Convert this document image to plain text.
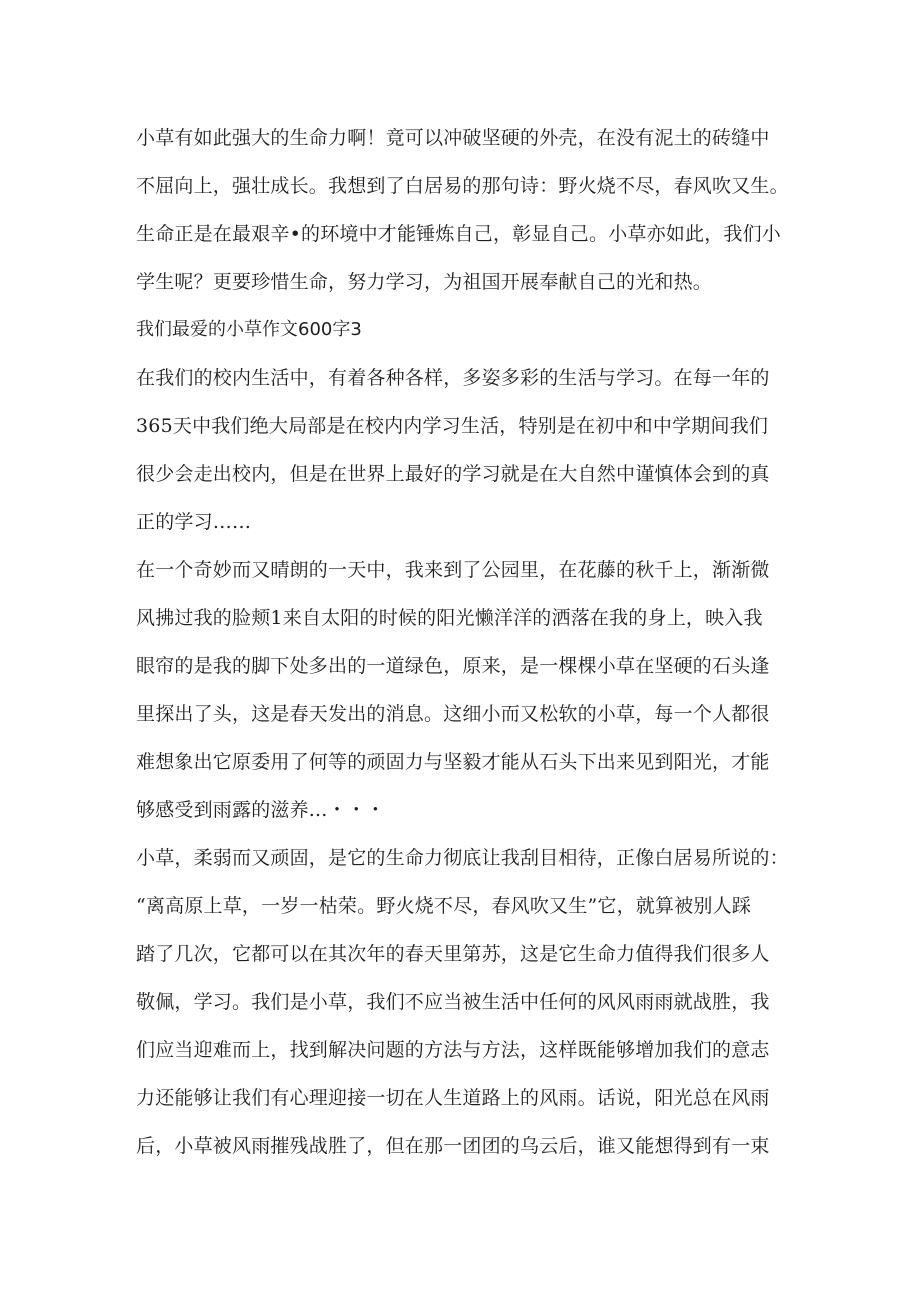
小草有如此强大的生命力啊！竟可以冲破坚硬的外壳，在没有泥土的砖缝中
不屈向上，强壮成长。我想到了白居易的那句诗：野火烧不尽，春风吹又生。
生命正是在最艰辛•的环境中才能锤炼自己，彰显自己。小草亦如此，我们小
学生呢？更要珍惜生命，努力学习，为祖国开展奉献自己的光和热。
我们最爱的小草作文600字3
在我们的校内生活中，有着各种各样，多姿多彩的生活与学习。在每一年的
365天中我们绝大局部是在校内内学习生活，特别是在初中和中学期间我们
很少会走出校内，但是在世界上最好的学习就是在大自然中谨慎体会到的真
正的学习……
在一个奇妙而又晴朗的一天中，我来到了公园里，在花藤的秋千上，渐渐微
风拂过我的脸颊1来自太阳的时候的阳光懒洋洋的洒落在我的身上，映入我
眼帘的是我的脚下处多出的一道绿色，原来，是一棵棵小草在坚硬的石头逢
里探出了头，这是春天发出的消息。这细小而又松软的小草，每一个人都很
难想象出它原委用了何等的顽固力与坚毅才能从石头下出来见到阳光，才能
够感受到雨露的滋养...・・・
小草，柔弱而又顽固，是它的生命力彻底让我刮目相待，正像白居易所说的：
“离高原上草，一岁一枯荣。野火烧不尽，春风吹又生”它，就算被别人踩
踏了几次，它都可以在其次年的春天里第苏，这是它生命力值得我们很多人
敬佩，学习。我们是小草，我们不应当被生活中任何的风风雨雨就战胜，我
们应当迎难而上，找到解决问题的方法与方法，这样既能够增加我们的意志
力还能够让我们有心理迎接一切在人生道路上的风雨。话说，阳光总在风雨
后，小草被风雨摧残战胜了，但在那一团团的乌云后，谁又能想得到有一束
